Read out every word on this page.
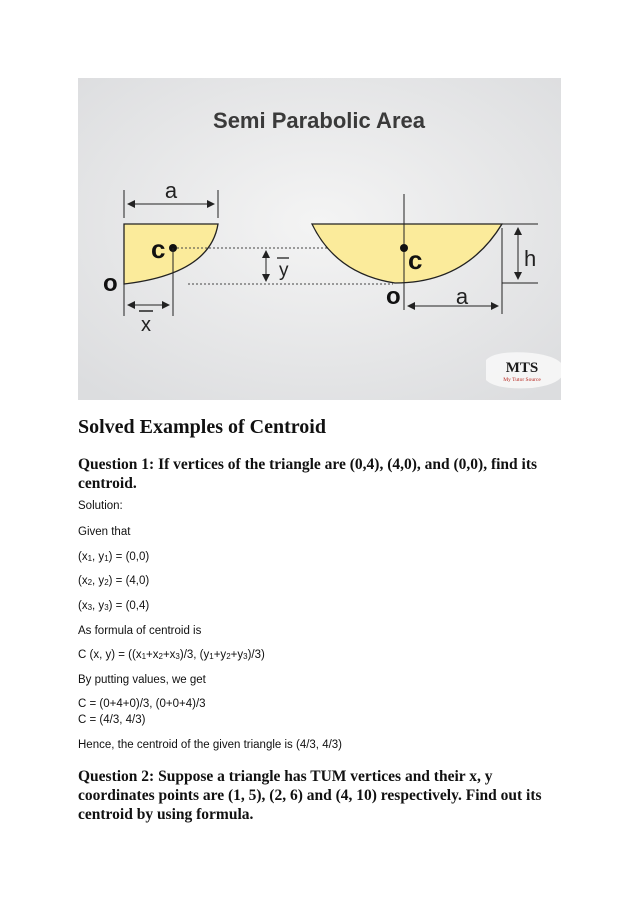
Semi Parabolic Area
a
c
o
x
y	c
o
h
a
MTS
My Tutor Source
Solved Examples of Centroid

Question 1: If vertices of the triangle are (0,4), (4,0), and (0,0), find its centroid.

Solution:

Given that

($x_1$, $y_1) = (0,0)$

($x_2$, $y_2) = (4,0)$

($x_3$, $y_3) = (0,4)$

As formula of centroid is

C (x, $y) = ((x_1+x_2+x_3)/3$, $(y_1+y_2+y_3)/3$)

By putting values, we get

C = (0+4+0)/3, (0+0+4)/3

C = (4/3, 4/3)

Hence, the centroid of the given triangle is (4/3, 4/3)

Question 2: Suppose a triangle has TUM vertices and their x, y coordinates points are (1, 5), (2, 6) and (4, 10) respectively. Find out its centroid by using formula.
